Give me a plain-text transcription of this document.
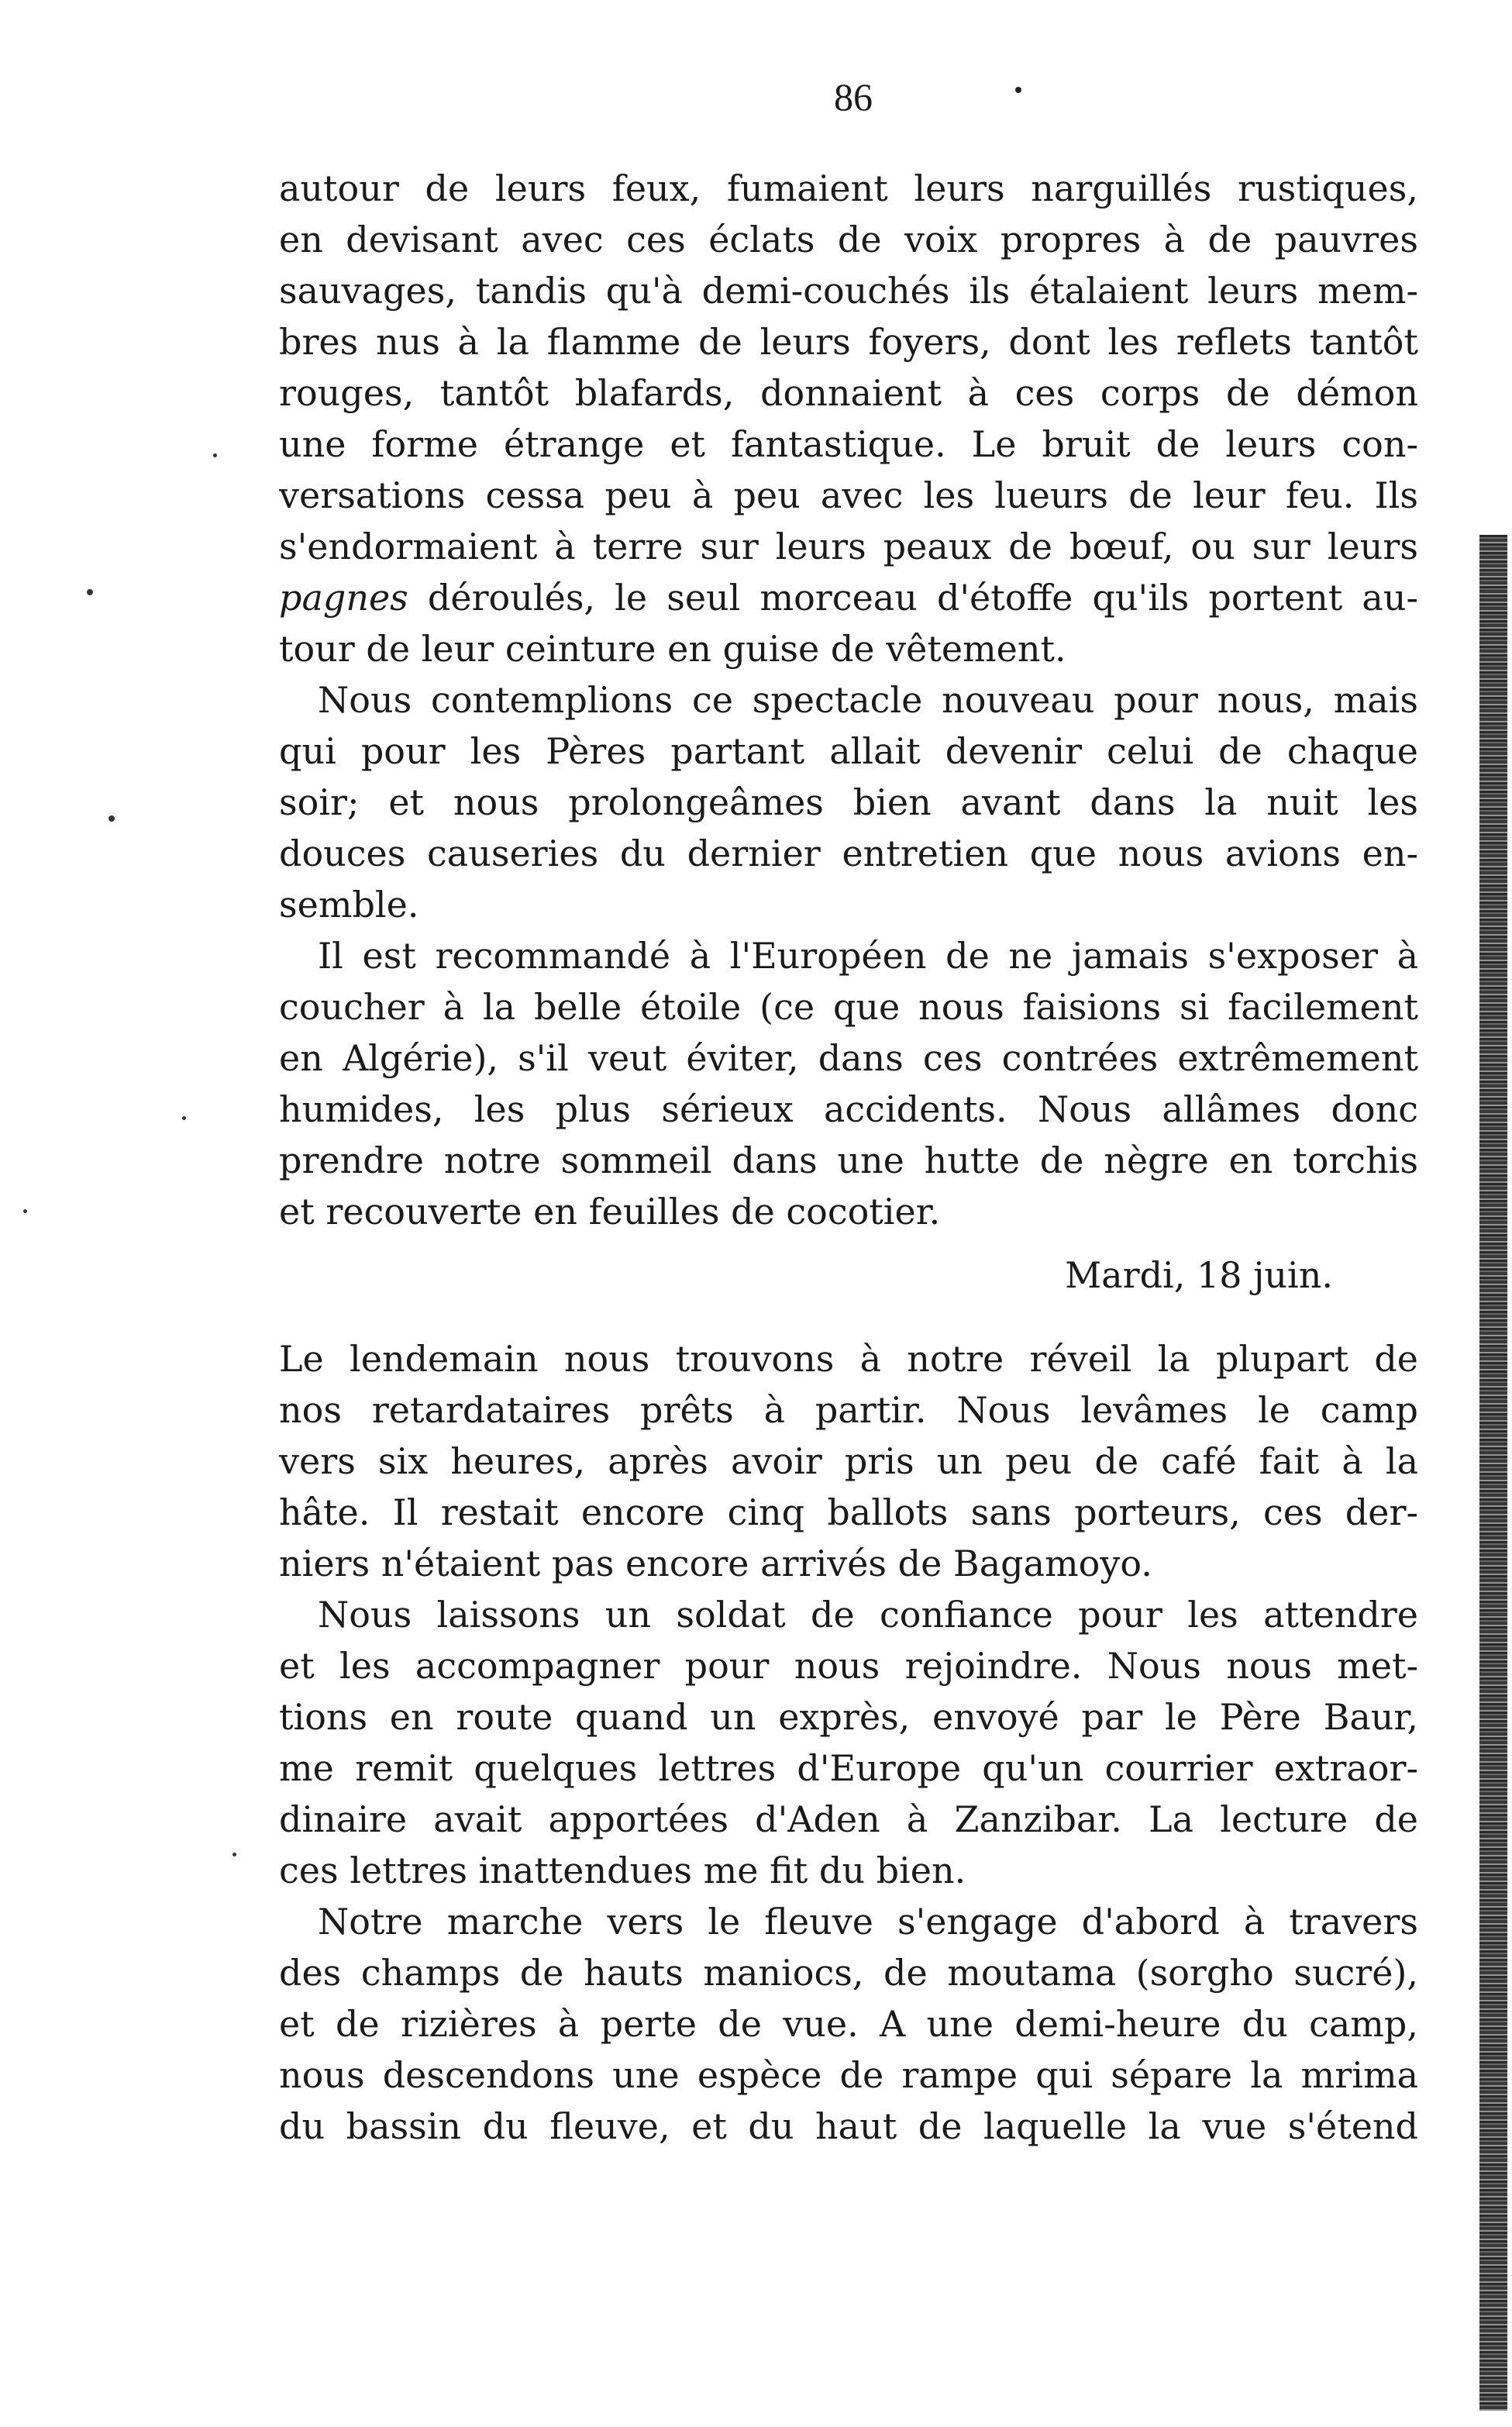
86
autour de leurs feux, fumaient leurs narguillés rustiques,
en devisant avec ces éclats de voix propres à de pauvres
sauvages, tandis qu'à demi-couchés ils étalaient leurs mem-
bres nus à la flamme de leurs foyers, dont les reflets tantôt
rouges, tantôt blafards, donnaient à ces corps de démon
une forme étrange et fantastique. Le bruit de leurs con-
versations cessa peu à peu avec les lueurs de leur feu. Ils
s'endormaient à terre sur leurs peaux de bœuf, ou sur leurs
pagnes déroulés, le seul morceau d'étoffe qu'ils portent au-
tour de leur ceinture en guise de vêtement.
Nous contemplions ce spectacle nouveau pour nous, mais
qui pour les Pères partant allait devenir celui de chaque
soir; et nous prolongeâmes bien avant dans la nuit les
douces causeries du dernier entretien que nous avions en-
semble.
Il est recommandé à l'Européen de ne jamais s'exposer à
coucher à la belle étoile (ce que nous faisions si facilement
en Algérie), s'il veut éviter, dans ces contrées extrêmement
humides, les plus sérieux accidents. Nous allâmes donc
prendre notre sommeil dans une hutte de nègre en torchis
et recouverte en feuilles de cocotier.
Mardi, 18 juin.
Le lendemain nous trouvons à notre réveil la plupart de
nos retardataires prêts à partir. Nous levâmes le camp
vers six heures, après avoir pris un peu de café fait à la
hâte. Il restait encore cinq ballots sans porteurs, ces der-
niers n'étaient pas encore arrivés de Bagamoyo.
Nous laissons un soldat de confiance pour les attendre
et les accompagner pour nous rejoindre. Nous nous met-
tions en route quand un exprès, envoyé par le Père Baur,
me remit quelques lettres d'Europe qu'un courrier extraor-
dinaire avait apportées d'Aden à Zanzibar. La lecture de
ces lettres inattendues me fit du bien.
Notre marche vers le fleuve s'engage d'abord à travers
des champs de hauts maniocs, de moutama (sorgho sucré),
et de rizières à perte de vue. A une demi-heure du camp,
nous descendons une espèce de rampe qui sépare la mrima
du bassin du fleuve, et du haut de laquelle la vue s'étend
